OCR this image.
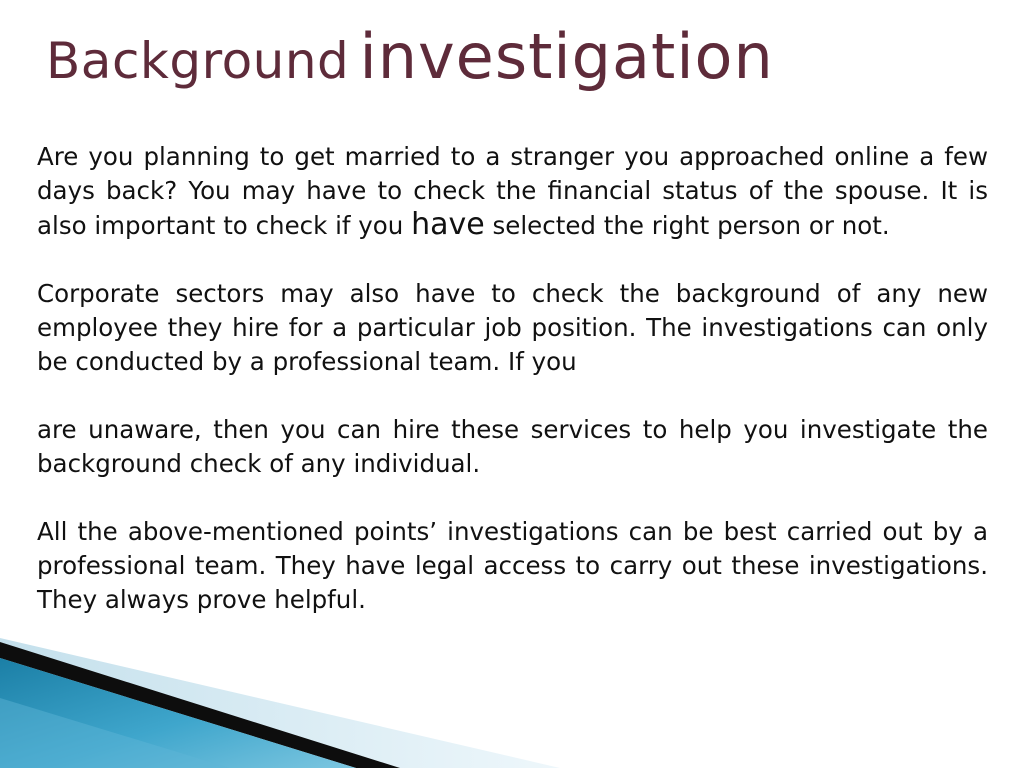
Background investigation

Are you planning to get married to a stranger you approached online a few days back? You may have to check the financial status of the spouse. It is also important to check if you have selected the right person or not.

Corporate sectors may also have to check the background of any new employee they hire for a particular job position. The investigations can only be conducted by a professional team. If you

are unaware, then you can hire these services to help you investigate the background check of any individual.

All the above-mentioned points’ investigations can be best carried out by a professional team. They have legal access to carry out these investigations. They always prove helpful.
